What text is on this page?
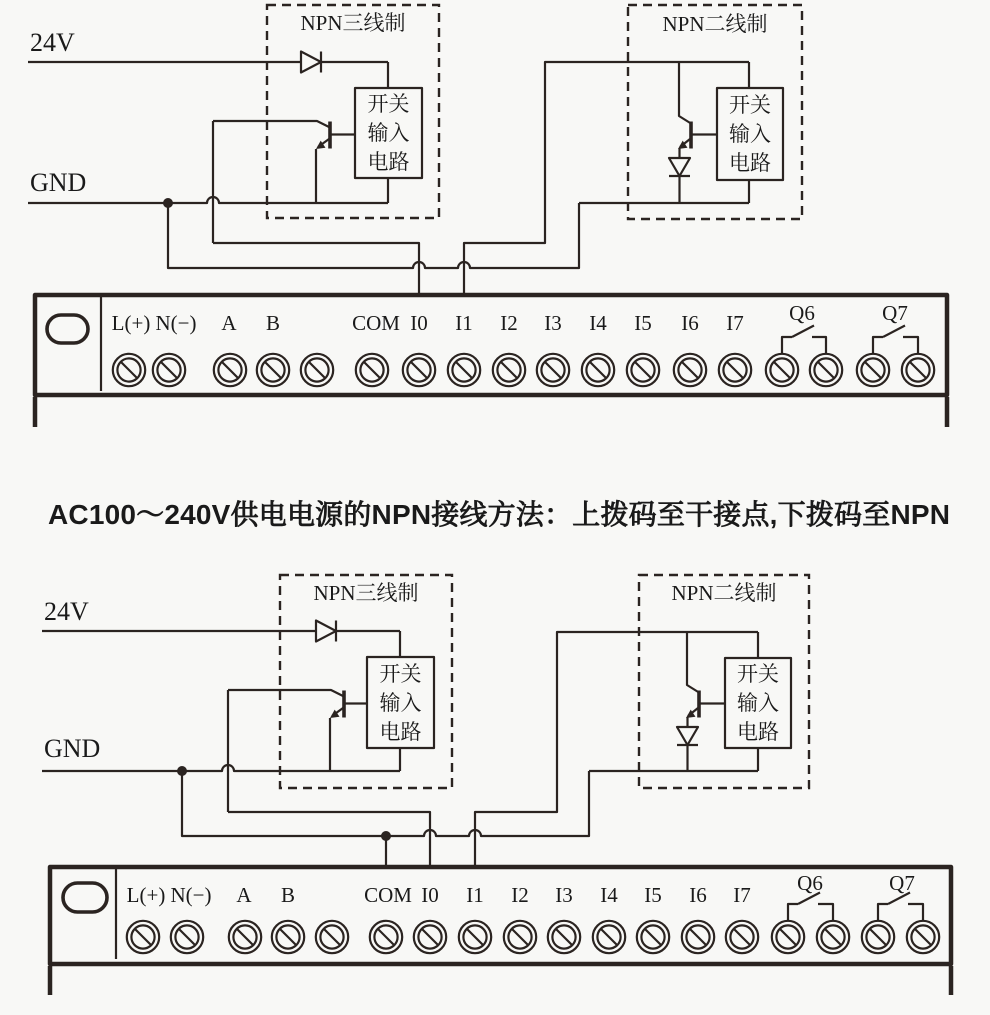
24V
GND
NPN三线制	NPN二线制
开关
输入
电路
开关
输入
电路
L(+) N(−) A B	COM I0 I1 I2 I3 I4 I5 I6 I7 Q6	Q7
24V
GND
NPN三线制	NPN二线制
开关
输入
电路
开关
输入
电路
L(+) N(−) A B	COM I0 I1 I2 I3 I4 I5 I6 I7 Q6	Q7
AC100～240V供电电源的NPN接线方法：上拨码至干接点,下拨码至NPN
